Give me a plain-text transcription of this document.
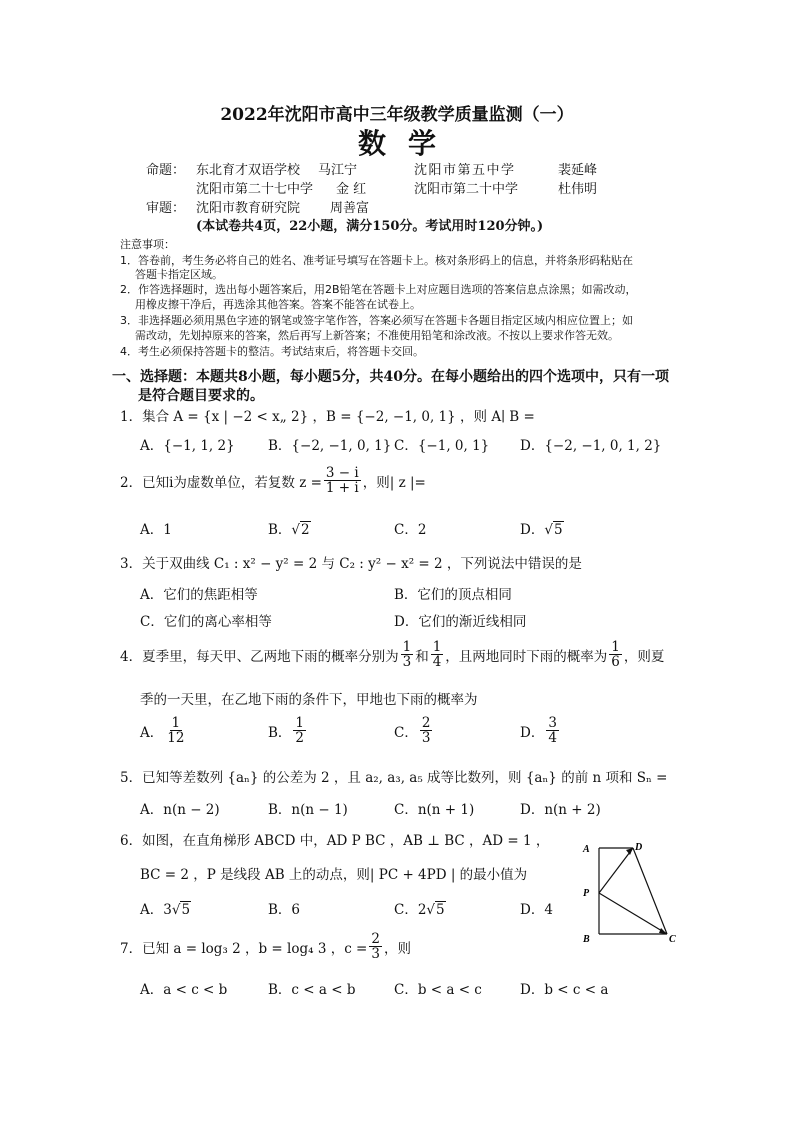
2022年沈阳市高中三年级教学质量监测（一）
数学
命题： 东北育才双语学校 马江宁	沈阳市第五中学	裴延峰
沈阳市第二十七中学 金 红	沈阳市第二十中学	杜伟明
审题： 沈阳市教育研究院 周善富
(本试卷共4页，22小题，满分150分。考试用时120分钟。)
注意事项：
1．答卷前，考生务必将自己的姓名、准考证号填写在答题卡上。核对条形码上的信息，并将条形码粘贴在
答题卡指定区域。
2．作答选择题时，选出每小题答案后，用2B铅笔在答题卡上对应题目选项的答案信息点涂黑；如需改动，
用橡皮擦干净后，再选涂其他答案。答案不能答在试卷上。
3．非选择题必须用黑色字迹的钢笔或签字笔作答，答案必须写在答题卡各题目指定区域内相应位置上；如
需改动，先划掉原来的答案，然后再写上新答案；不准使用铅笔和涂改液。不按以上要求作答无效。
4．考生必须保持答题卡的整洁。考试结束后，将答题卡交回。
一、选择题：本题共8小题，每小题5分，共40分。在每小题给出的四个选项中，只有一项
是符合题目要求的。
1．集合 A = {x | −2 < x„ 2} ，B = {−2, −1, 0, 1} ，则 A∣ B =
A．{−1, 1, 2} B．{−2, −1, 0, 1} C．{−1, 0, 1} D．{−2, −1, 0, 1, 2}
2．已知i为虚数单位，若复数 $z = \frac{3 - i}{1 + i}$ ，则| z |=
A．1	B．√2	C．2	D．√5
3．关于双曲线 C₁ : x² − y² = 2 与 C₂ : y² − x² = 2 ，下列说法中错误的是
A．它们的焦距相等	B．它们的顶点相同
C．它们的离心率相等	D．它们的渐近线相同
4．夏季里，每天甲、乙两地下雨的概率分别为 $\frac{1}{3}$ 和 $\frac{1}{4}$ ，且两地同时下雨的概率为 $\frac{1}{6}$ ，则夏
季的一天里，在乙地下雨的条件下，甲地也下雨的概率为
A． $\frac{1}{12}$	B． $\frac{1}{2}$	C． $\frac{2}{3}$	D． $\frac{3}{4}$
5．已知等差数列 {aₙ} 的公差为 2 ，且 a₂, a₃, a₅ 成等比数列，则 {aₙ} 的前 n 项和 Sₙ =
A．n(n − 2)	B．n(n − 1)	C．n(n + 1)	D．n(n + 2)
6．如图，在直角梯形 ABCD 中，AD P BC ，AB ⊥ BC ，AD = 1 ，
BC = 2 ，P 是线段 AB 上的动点，则| PC + 4PD | 的最小值为
A．3√5	B．6	C．2√5	D．4
A	D
P
B	C
7．已知 a = log₃ 2 ，b = log₄ 3 ，$c = \frac{2}{3}$ ，则
A．a < c < b	B．c < a < b	C．b < a < c	D．b < c < a
